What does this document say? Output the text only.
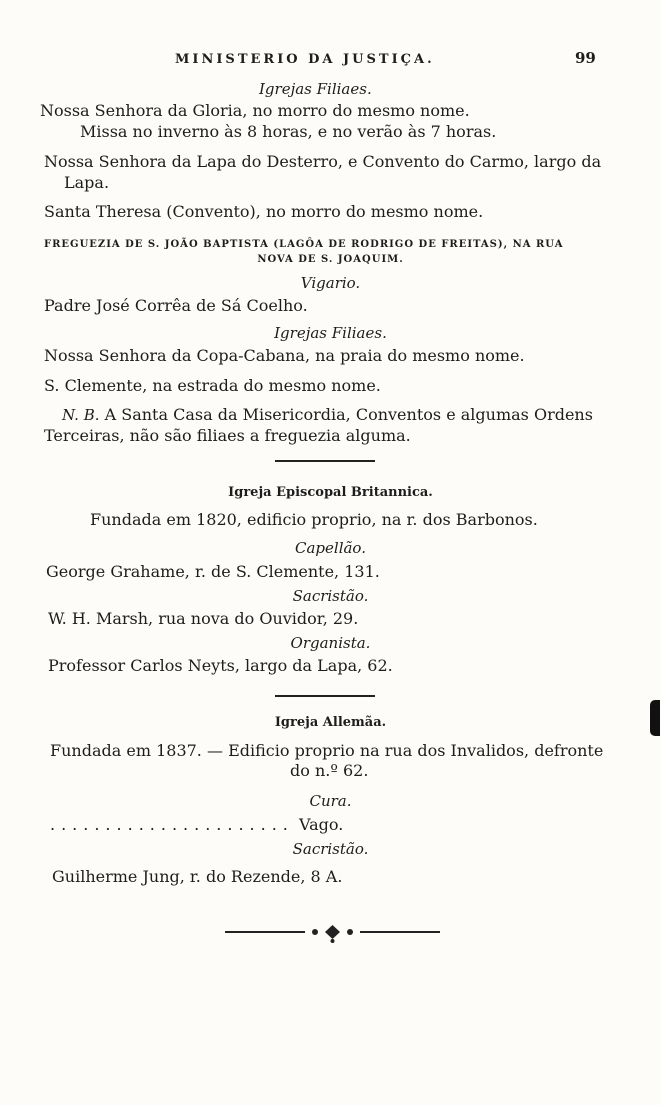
MINISTERIO DA JUSTIÇA.	99
Igrejas Filiaes.
Nossa Senhora da Gloria, no morro do mesmo nome.
Missa no inverno às 8 horas, e no verão às 7 horas.
Nossa Senhora da Lapa do Desterro, e Convento do Carmo, largo da
Lapa.
Santa Theresa (Convento), no morro do mesmo nome.
FREGUEZIA DE S. JOÃO BAPTISTA (LAGÔA DE RODRIGO DE FREITAS), NA RUA
NOVA DE S. JOAQUIM.
Vigario.
Padre José Corrêa de Sá Coelho.
Igrejas Filiaes.
Nossa Senhora da Copa-Cabana, na praia do mesmo nome.
S. Clemente, na estrada do mesmo nome.
N. B. A Santa Casa da Misericordia, Conventos e algumas Ordens
Terceiras, não são filiaes a freguezia alguma.
Igreja Episcopal Britannica.
Fundada em 1820, edificio proprio, na r. dos Barbonos.
Capellão.
George Grahame, r. de S. Clemente, 131.
Sacristão.
W. H. Marsh, rua nova do Ouvidor, 29.
Organista.
Professor Carlos Neyts, largo da Lapa, 62.
Igreja Allemãa.
Fundada em 1837. — Edificio proprio na rua dos Invalidos, defronte
do n.º 62.
Cura.
...................... Vago.
Sacristão.
Guilherme Jung, r. do Rezende, 8 A.
